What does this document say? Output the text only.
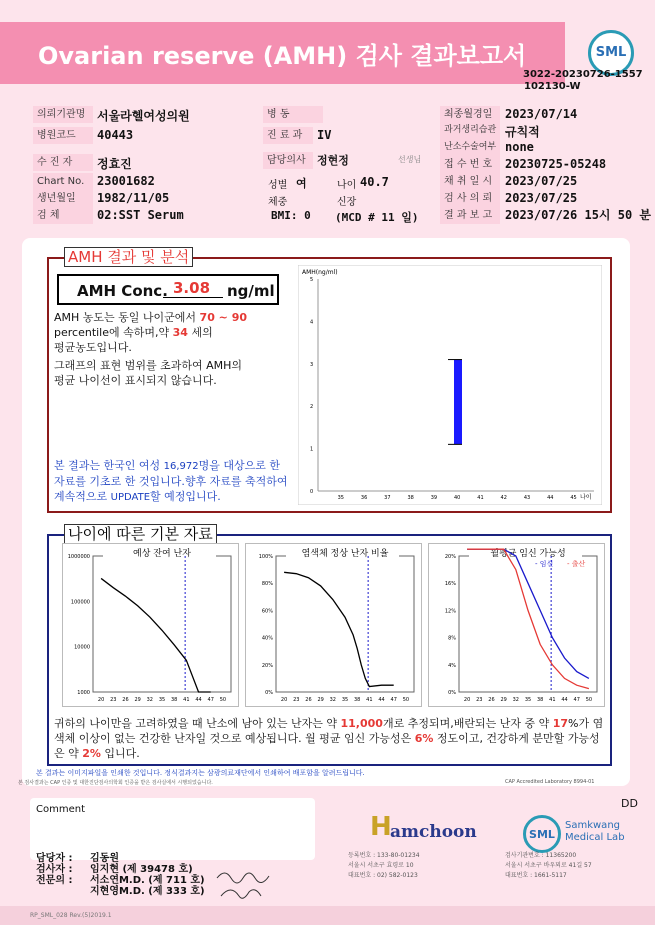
Ovarian reserve (AMH) 검사 결과보고서	SML
3022-20230726-1557
102130-W
의뢰기관명 서울라헬여성의원
병원코드	40443
수 진 자	정효진
Chart No.	23001682
생년월일	1982/11/05
검 체	02:SST Serum
병 동
진 료 과	IV
담당의사	정현정	선생님
성별 여	나이 40.7
체중	신장
BMI: 0 (MCD # 11 일)
최종월경일	2023/07/14
과거생리습관 규칙적
난소수술여부 none
접 수 번 호	20230725-05248
채 취 일 시	2023/07/25
검 사 의 뢰	2023/07/25
결 과 보 고	2023/07/26 15시 50 분
AMH 결과 및 분석
AMH Conc. 3.08 ng/ml
AMH 농도는 동일 나이군에서 70 ~ 90
percentile에 속하며,약 34 세의
평균농도입니다.
그래프의 표현 범위를 초과하여 AMH의 평균 나이선이 표시되지 않습니다.
본 결과는 한국인 여성 16,972명을 대상으로 한 자료를 기초로 한 것입니다.향후 자료를 축적하여 계속적으로 UPDATE할 예정입니다.
AMH(ng/ml)
0
1
2
3
4
5
35	36	37	38	39	40	41	42	43	44	45 나이
나이에 따른 기본 자료
예상 잔여 난자
1000000
100000
10000
1000
20 23 26 29 32 35 38 41 44 47 50
염색체 정상 난자 비율
100%
80%
60%
40%
20%
0%
20 23 26 29 32 35 38 41 44 47 50
월평균 임신 가능성
20%
16%
12%
8%
4%
0%
20 23 26 29 32 35 38 41 44 47 50
- 임신 - 출산
귀하의 나이만을 고려하였을 때 난소에 남아 있는 난자는 약 11,000개로 추정되며,배란되는 난자 중 약 17%가 염색체 이상이 없는 건강한 난자일 것으로 예상됩니다. 월 평균 임신 가능성은 6% 정도이고, 건강하게 분만할 가능성은 약 2% 입니다.
본 결과는 이미지파일을 인쇄한 것입니다. 정식결과지는 삼광의료재단에서 인쇄하여 배포함을 알려드립니다.
본 검사결과는 CAP 인증 및 대한진단검사의학회 인증을 받은 검사실에서 시행되었습니다.	CAP Accredited Laboratory 8994-01
Comment	DD
H
amchoon	SML
Samkwang
Medical Lab
등록번호 : 133-80-01234
서울시 서초구 효령로 10
대표번호 : 02) 582-0123
검사기관번호 : 11365200
서울시 서초구 바우뫼로 41길 57
대표번호 : 1661-5117
담당자 : 김동원
검사자 : 임지현 (제 39478 호)
전문의 : 서소연M.D. (제 711 호)
지현영M.D. (제 333 호)
RP_SML_028 Rev.(5)2019.1
